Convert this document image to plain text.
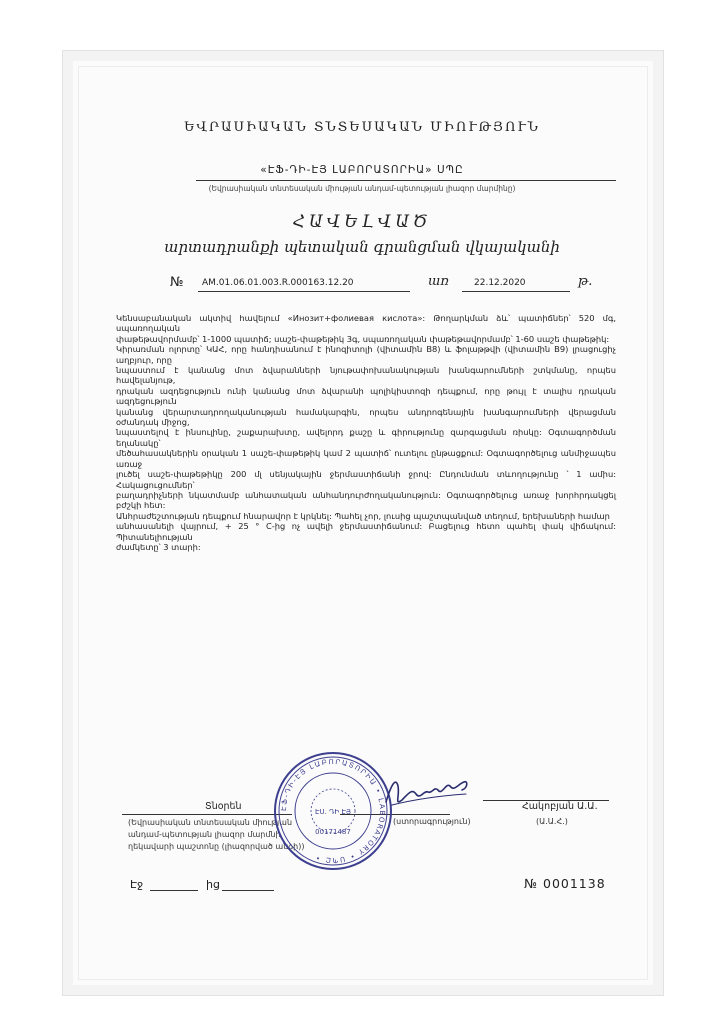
ԵՎՐԱՍԻԱԿԱՆ ՏՆՏԵՍԱԿԱՆ ՄԻՈՒԹՅՈՒՆ
«ԷՖ-ԴԻ-ԷՅ ԼԱԲՈՐԱՏՈՐԻԱ» ՍՊԸ
(Եվրասիական տնտեսական միության անդամ-պետության լիազոր մարմինը)
ՀԱՎԵԼՎԱԾ
արտադրանքի պետական գրանցման վկայականի
№ AM.01.06.01.003.R.000163.12.20	առ	22.12.2020	թ.
Կենսաբանական ակտիվ հավելում «Инозит+фолиевая кислота»: Թողարկման ձև՝ պատիճներ՝ 520 մգ, սպառողական
փաթեթավորմամբ՝ 1-1000 պատիճ; սաշե-փաթեթիկ 3գ, սպառողական փաթեթավորմամբ՝ 1-60 սաշե փաթեթիկ:
Կիրառման ոլորտը՝ ԿԱՀ, որը հանդիսանում է ինոզիտոլի (վիտամին B8) և ֆոլաթթվի (վիտամին B9) լրացուցիչ աղբյուր, որը
նպաստում է կանանց մոտ ձվարանների նյութափոխանակության խանգարումների շտկմանը, որպես հավելանյութ,
դրական ազդեցություն ունի կանանց մոտ ձվարանի պոլիկիստոզի դեպքում, որը թույլ է տալիս դրական ազդեցություն
կանանց վերարտադրողականության համակարգին, որպես անդրոգենային խանգարումների վերացման օժանդակ միջոց,
նպաստելով է ինսուլինը, շաքարախտը, ավելորդ քաշը և գիրությունը զարգացման ռիսկը: Օգտագործման եղանակը՝
մեծահասակներին օրական 1 սաշե-փաթեթիկ կամ 2 պատիճ՝ ուտելու ընթացքում: Օգտագործելուց անմիջապես առաջ
լուծել սաշե-փաթեթիկը 200 մլ սենյակային ջերմաստիճանի ջրով: Ընդունման տևողությունը ՝ 1 ամիս: Հակացուցումներ՝
բաղադրիչների նկատմամբ անհատական անհանդուրժողականություն: Օգտագործելուց առաջ խորհրդակցել բժշկի հետ:
Անհրաժեշտության դեպքում հնարավոր է կրկնել: Պահել չոր, լուսից պաշտպանված տեղում, երեխաների համար
անհասանելի վայրում, + 25 ° C-ից ոչ ավելի ջերմաստիճանում: Բացելուց հետո պահել փակ վիճակում: Պիտանելիության
ժամկետը՝ 3 տարի:
Տնօրեն
(Եվրասիական տնտեսական միության
անդամ-պետության լիազոր մարմնի
ղեկավարի պաշտոնը (լիազորված անձի))
(ստորագրություն)
Հակոբյան Ա.Ա.
(Ա.Ա.Հ.)
ԷՖ-ԴԻ-ԷՅ ԼԱԲՈՐԱՏՈՐԻԱ • LABORATORY • ՍՊԸ •
ԷՍ. ԴԻ ԷՅ
00171487
Էջ	ից	№ 0001138
